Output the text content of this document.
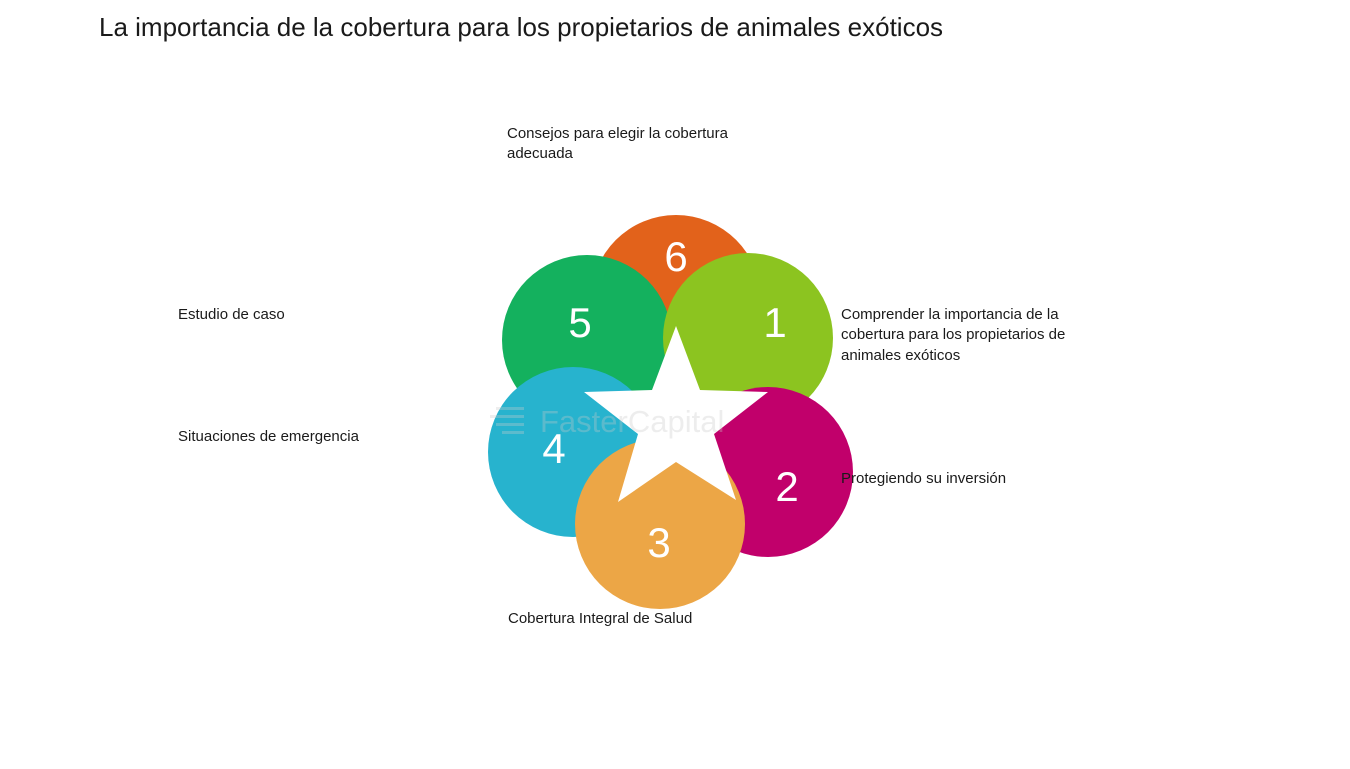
La importancia de la cobertura para los propietarios de animales exóticos
6
5	1
4
2
3
Consejos para elegir la cobertura adecuada
Estudio de caso
Situaciones de emergencia
Cobertura Integral de Salud
Comprender la importancia de la cobertura para los propietarios de animales exóticos
Protegiendo su inversión
FasterCapital
